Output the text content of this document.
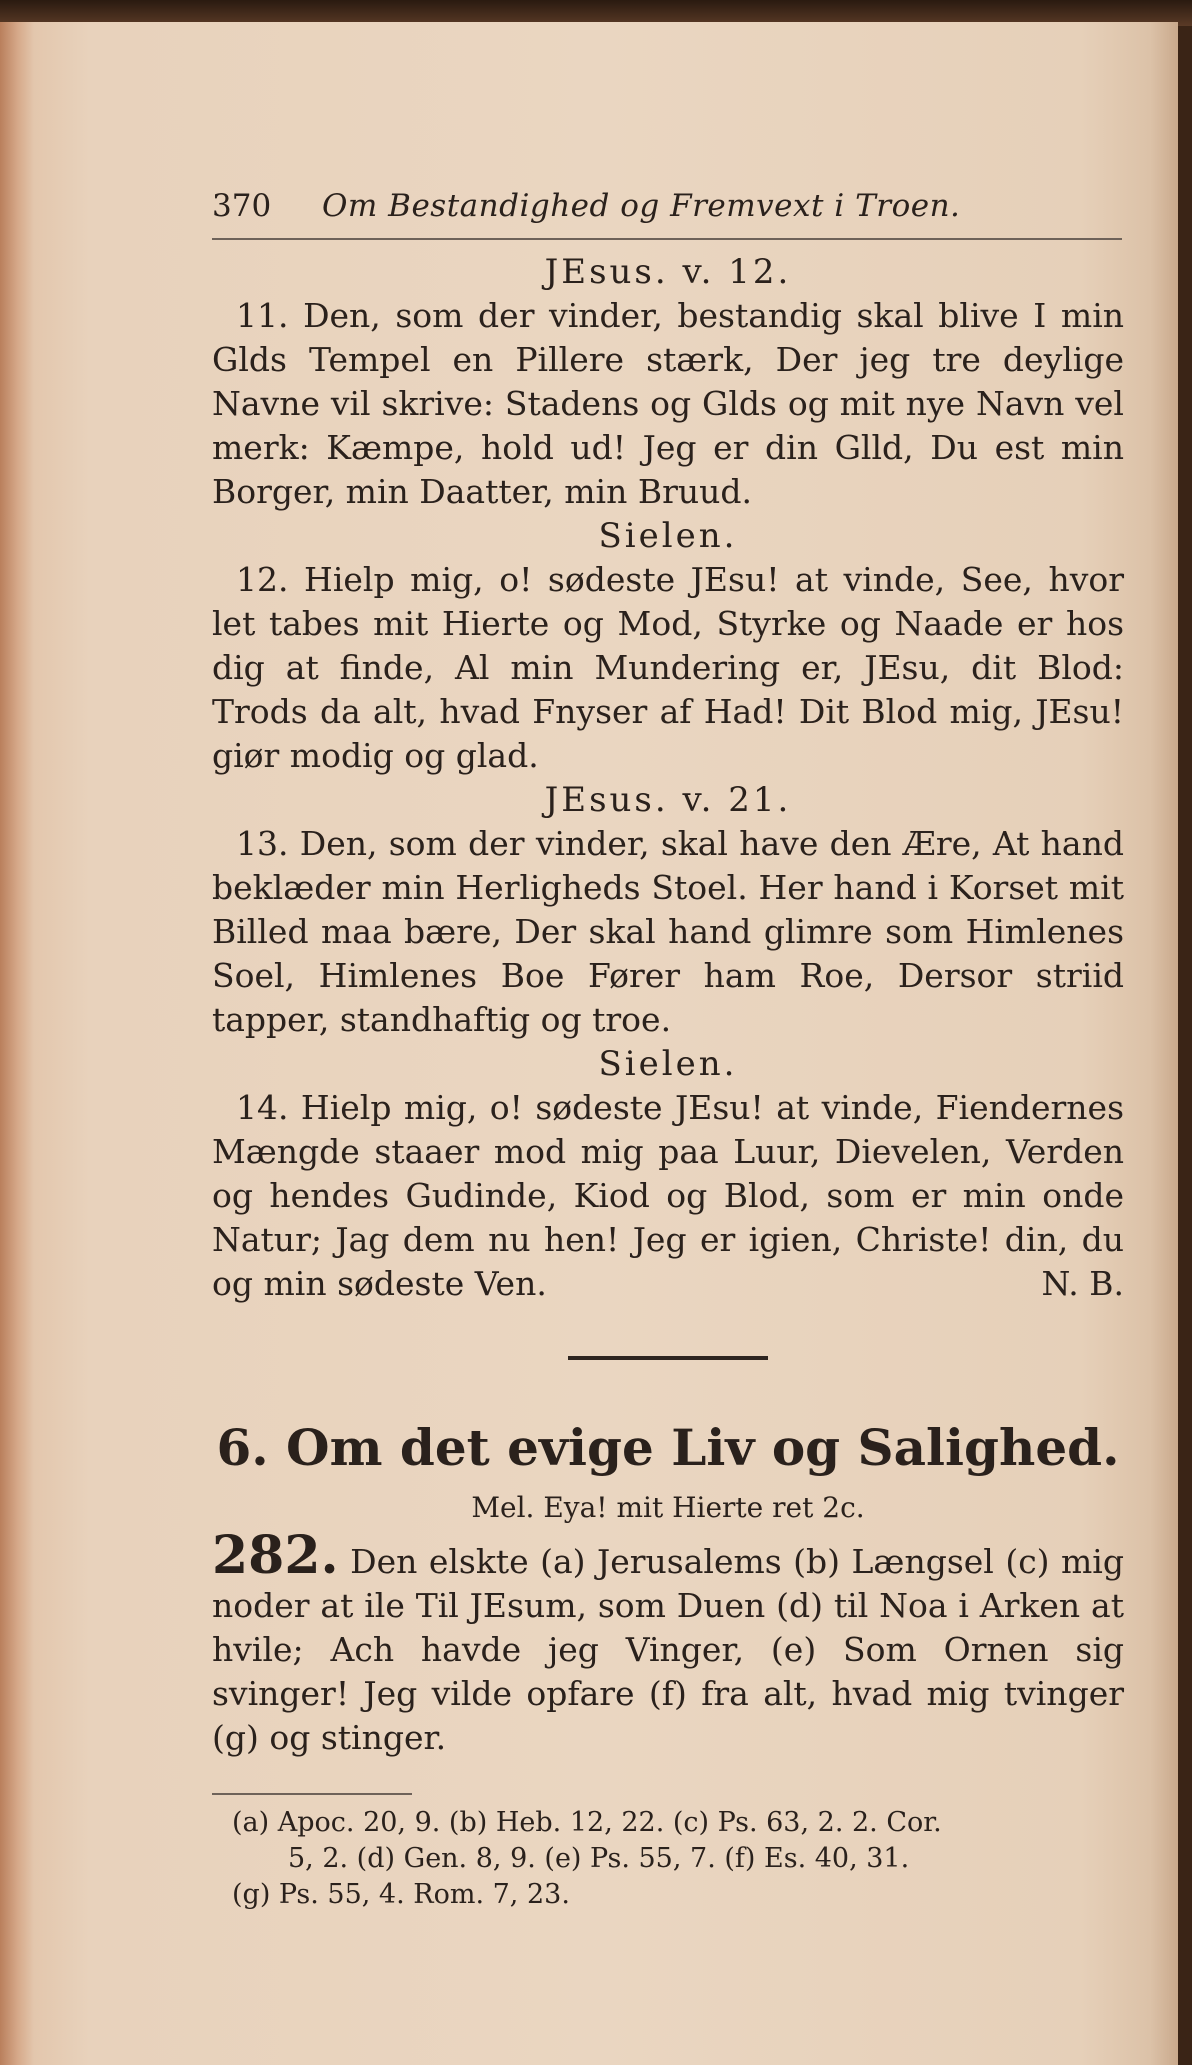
370	Om Bestandighed og Fremvext i Troen.
JEsus. v. 12.

11. Den, som der vinder, bestandig skal blive I min Glds Tempel en Pillere stærk, Der jeg tre deylige Navne vil skrive: Stadens og Glds og mit nye Navn vel merk: Kæmpe, hold ud! Jeg er din Glld, Du est min Borger, min Daatter, min Bruud.

Sielen.

12. Hielp mig, o! sødeste JEsu! at vinde, See, hvor let tabes mit Hierte og Mod, Styrke og Naade er hos dig at finde, Al min Mundering er, JEsu, dit Blod: Trods da alt, hvad Fnyser af Had! Dit Blod mig, JEsu! giør modig og glad.

JEsus. v. 21.

13. Den, som der vinder, skal have den Ære, At hand beklæder min Herligheds Stoel. Her hand i Korset mit Billed maa bære, Der skal hand glimre som Himlenes Soel, Himlenes Boe Fører ham Roe, Dersor striid tapper, standhaftig og troe.

Sielen.

14. Hielp mig, o! sødeste JEsu! at vinde, Fiendernes Mængde staaer mod mig paa Luur, Dievelen, Verden og hendes Gudinde, Kiod og Blod, som er min onde Natur; Jag dem nu hen! Jeg er igien, Christe! din, du og min sødeste Ven.	N. B.

6. Om det evige Liv og Salighed.
Mel. Eya! mit Hierte ret 2c.

282. Den elskte (a) Jerusalems (b) Længsel (c) mig noder at ile Til JEsum, som Duen (d) til Noa i Arken at hvile; Ach havde jeg Vinger, (e) Som Ornen sig svinger! Jeg vilde opfare (f) fra alt, hvad mig tvinger (g) og stinger.

(a) Apoc. 20, 9. (b) Heb. 12, 22. (c) Ps. 63, 2. 2. Cor.
5, 2. (d) Gen. 8, 9. (e) Ps. 55, 7. (f) Es. 40, 31.
(g) Ps. 55, 4. Rom. 7, 23.
